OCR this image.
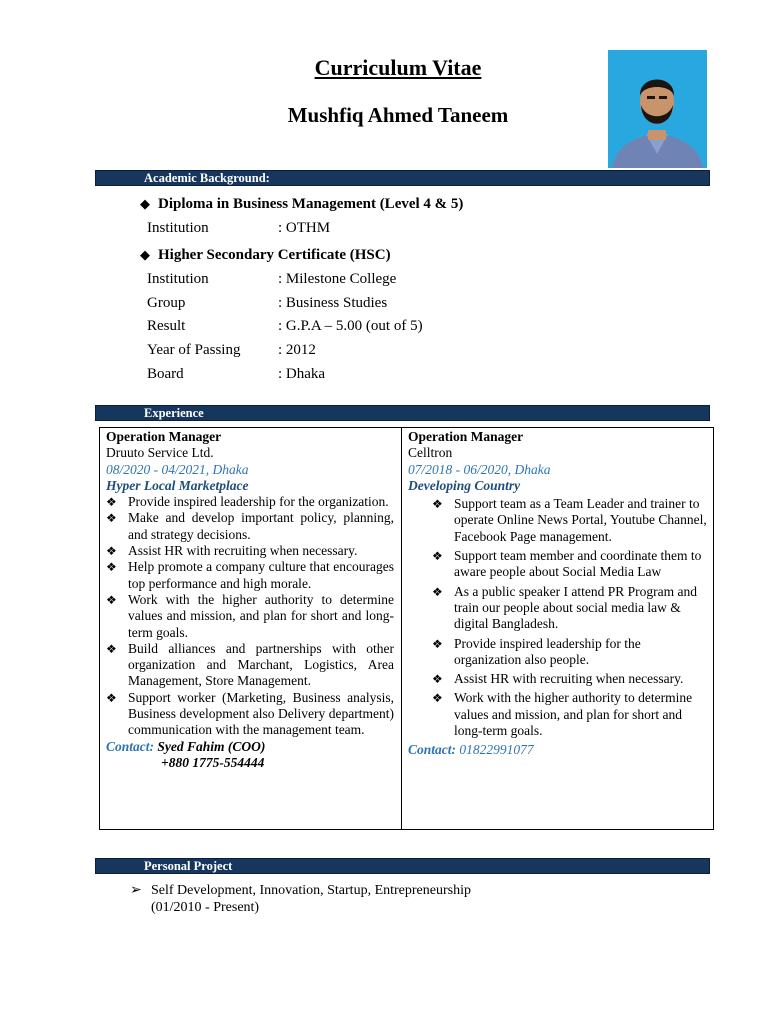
Curriculum Vitae
Mushfiq Ahmed Taneem
Academic Background:
◆ Diploma in Business Management (Level 4 & 5)
Institution	: OTHM
◆ Higher Secondary Certificate (HSC)
Institution	: Milestone College
Group	: Business Studies
Result	: G.P.A – 5.00 (out of 5)
Year of Passing	: 2012
Board	: Dhaka
Experience
Operation Manager
Druuto Service Ltd.
08/2020 - 04/2021, Dhaka
Hyper Local Marketplace
❖ Provide inspired leadership for the organization.
❖ Make and develop important policy, planning, and strategy decisions.
❖ Assist HR with recruiting when necessary.
❖ Help promote a company culture that encourages top performance and high morale.
❖ Work with the higher authority to determine values and mission, and plan for short and long-term goals.
❖ Build alliances and partnerships with other organization and Marchant, Logistics, Area Management, Store Management.
❖ Support worker (Marketing, Business analysis, Business development also Delivery department) communication with the management team.
Contact: Syed Fahim (COO)
+880 1775-554444
Operation Manager
Celltron
07/2018 - 06/2020, Dhaka
Developing Country
❖ Support team as a Team Leader and trainer to operate Online News Portal, Youtube Channel, Facebook Page management.
❖ Support team member and coordinate them to aware people about Social Media Law
❖ As a public speaker I attend PR Program and train our people about social media law & digital Bangladesh.
❖ Provide inspired leadership for the organization also people.
❖ Assist HR with recruiting when necessary.
❖ Work with the higher authority to determine values and mission, and plan for short and long-term goals.
Contact: 01822991077
Personal Project
➢ Self Development, Innovation, Startup, Entrepreneurship
(01/2010 - Present)
